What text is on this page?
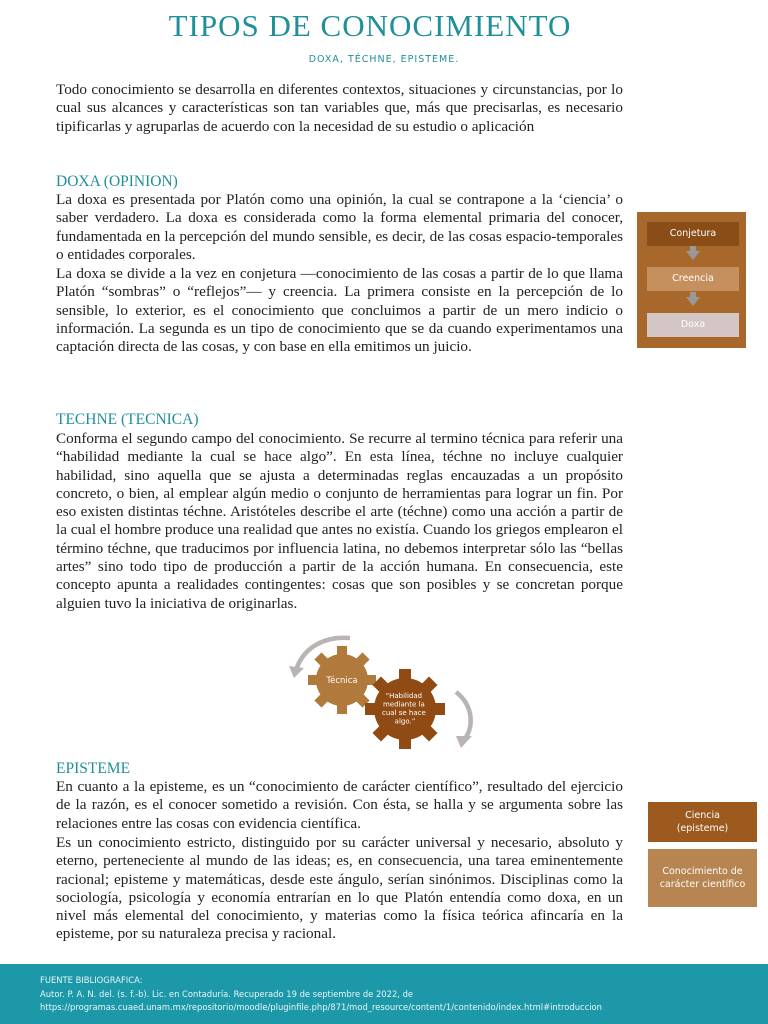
TIPOS DE CONOCIMIENTO
DOXA, TÉCHNE, EPISTEME.

Todo conocimiento se desarrolla en diferentes contextos, situaciones y circunstancias, por lo cual sus alcances y características son tan variables que, más que precisarlas, es necesario tipificarlas y agruparlas de acuerdo con la necesidad de su estudio o aplicación

DOXA (OPINION)

La doxa es presentada por Platón como una opinión, la cual se contrapone a la ‘ciencia’ o saber verdadero. La doxa es considerada como la forma elemental primaria del conocer, fundamentada en la percepción del mundo sensible, es decir, de las cosas espacio-temporales o entidades corporales.

La doxa se divide a la vez en conjetura —conocimiento de las cosas a partir de lo que llama Platón “sombras” o “reflejos”— y creencia. La primera consiste en la percepción de lo sensible, lo exterior, es el conocimiento que concluimos a partir de un mero indicio o información. La segunda es un tipo de conocimiento que se da cuando experimentamos una captación directa de las cosas, y con base en ella emitimos un juicio.

Conjetura
Creencia
Doxa
TECHNE (TECNICA)

Conforma el segundo campo del conocimiento. Se recurre al termino técnica para referir una “habilidad mediante la cual se hace algo”. En esta línea, téchne no incluye cualquier habilidad, sino aquella que se ajusta a determinadas reglas encauzadas a un propósito concreto, o bien, al emplear algún medio o conjunto de herramientas para lograr un fin. Por eso existen distintas téchne. Aristóteles describe el arte (téchne) como una acción a partir de la cual el hombre produce una realidad que antes no existía. Cuando los griegos emplearon el término téchne, que traducimos por influencia latina, no debemos interpretar sólo las “bellas artes” sino todo tipo de producción a partir de la acción humana. En consecuencia, este concepto apunta a realidades contingentes: cosas que son posibles y se concretan porque alguien tuvo la iniciativa de originarlas.

Técnica
“Habilidad mediante la cual se hace algo.”
EPISTEME

En cuanto a la episteme, es un “conocimiento de carácter científico”, resultado del ejercicio de la razón, es el conocer sometido a revisión. Con ésta, se halla y se argumenta sobre las relaciones entre las cosas con evidencia científica.

Es un conocimiento estricto, distinguido por su carácter universal y necesario, absoluto y eterno, perteneciente al mundo de las ideas; es, en consecuencia, una tarea eminentemente racional; episteme y matemáticas, desde este ángulo, serían sinónimos. Disciplinas como la sociología, psicología y economía entrarían en lo que Platón entendía como doxa, en un nivel más elemental del conocimiento, y materias como la física teórica afincaría en la episteme, por su naturaleza precisa y racional.

Ciencia
(episteme)
Conocimiento de
carácter científico
FUENTE BIBLIOGRAFICA:
Autor. P. A. N. del. (s. f.-b). Lic. en Contaduría. Recuperado 19 de septiembre de 2022, de
https://programas.cuaed.unam.mx/repositorio/moodle/pluginfile.php/871/mod_resource/content/1/contenido/index.html#introduccion
